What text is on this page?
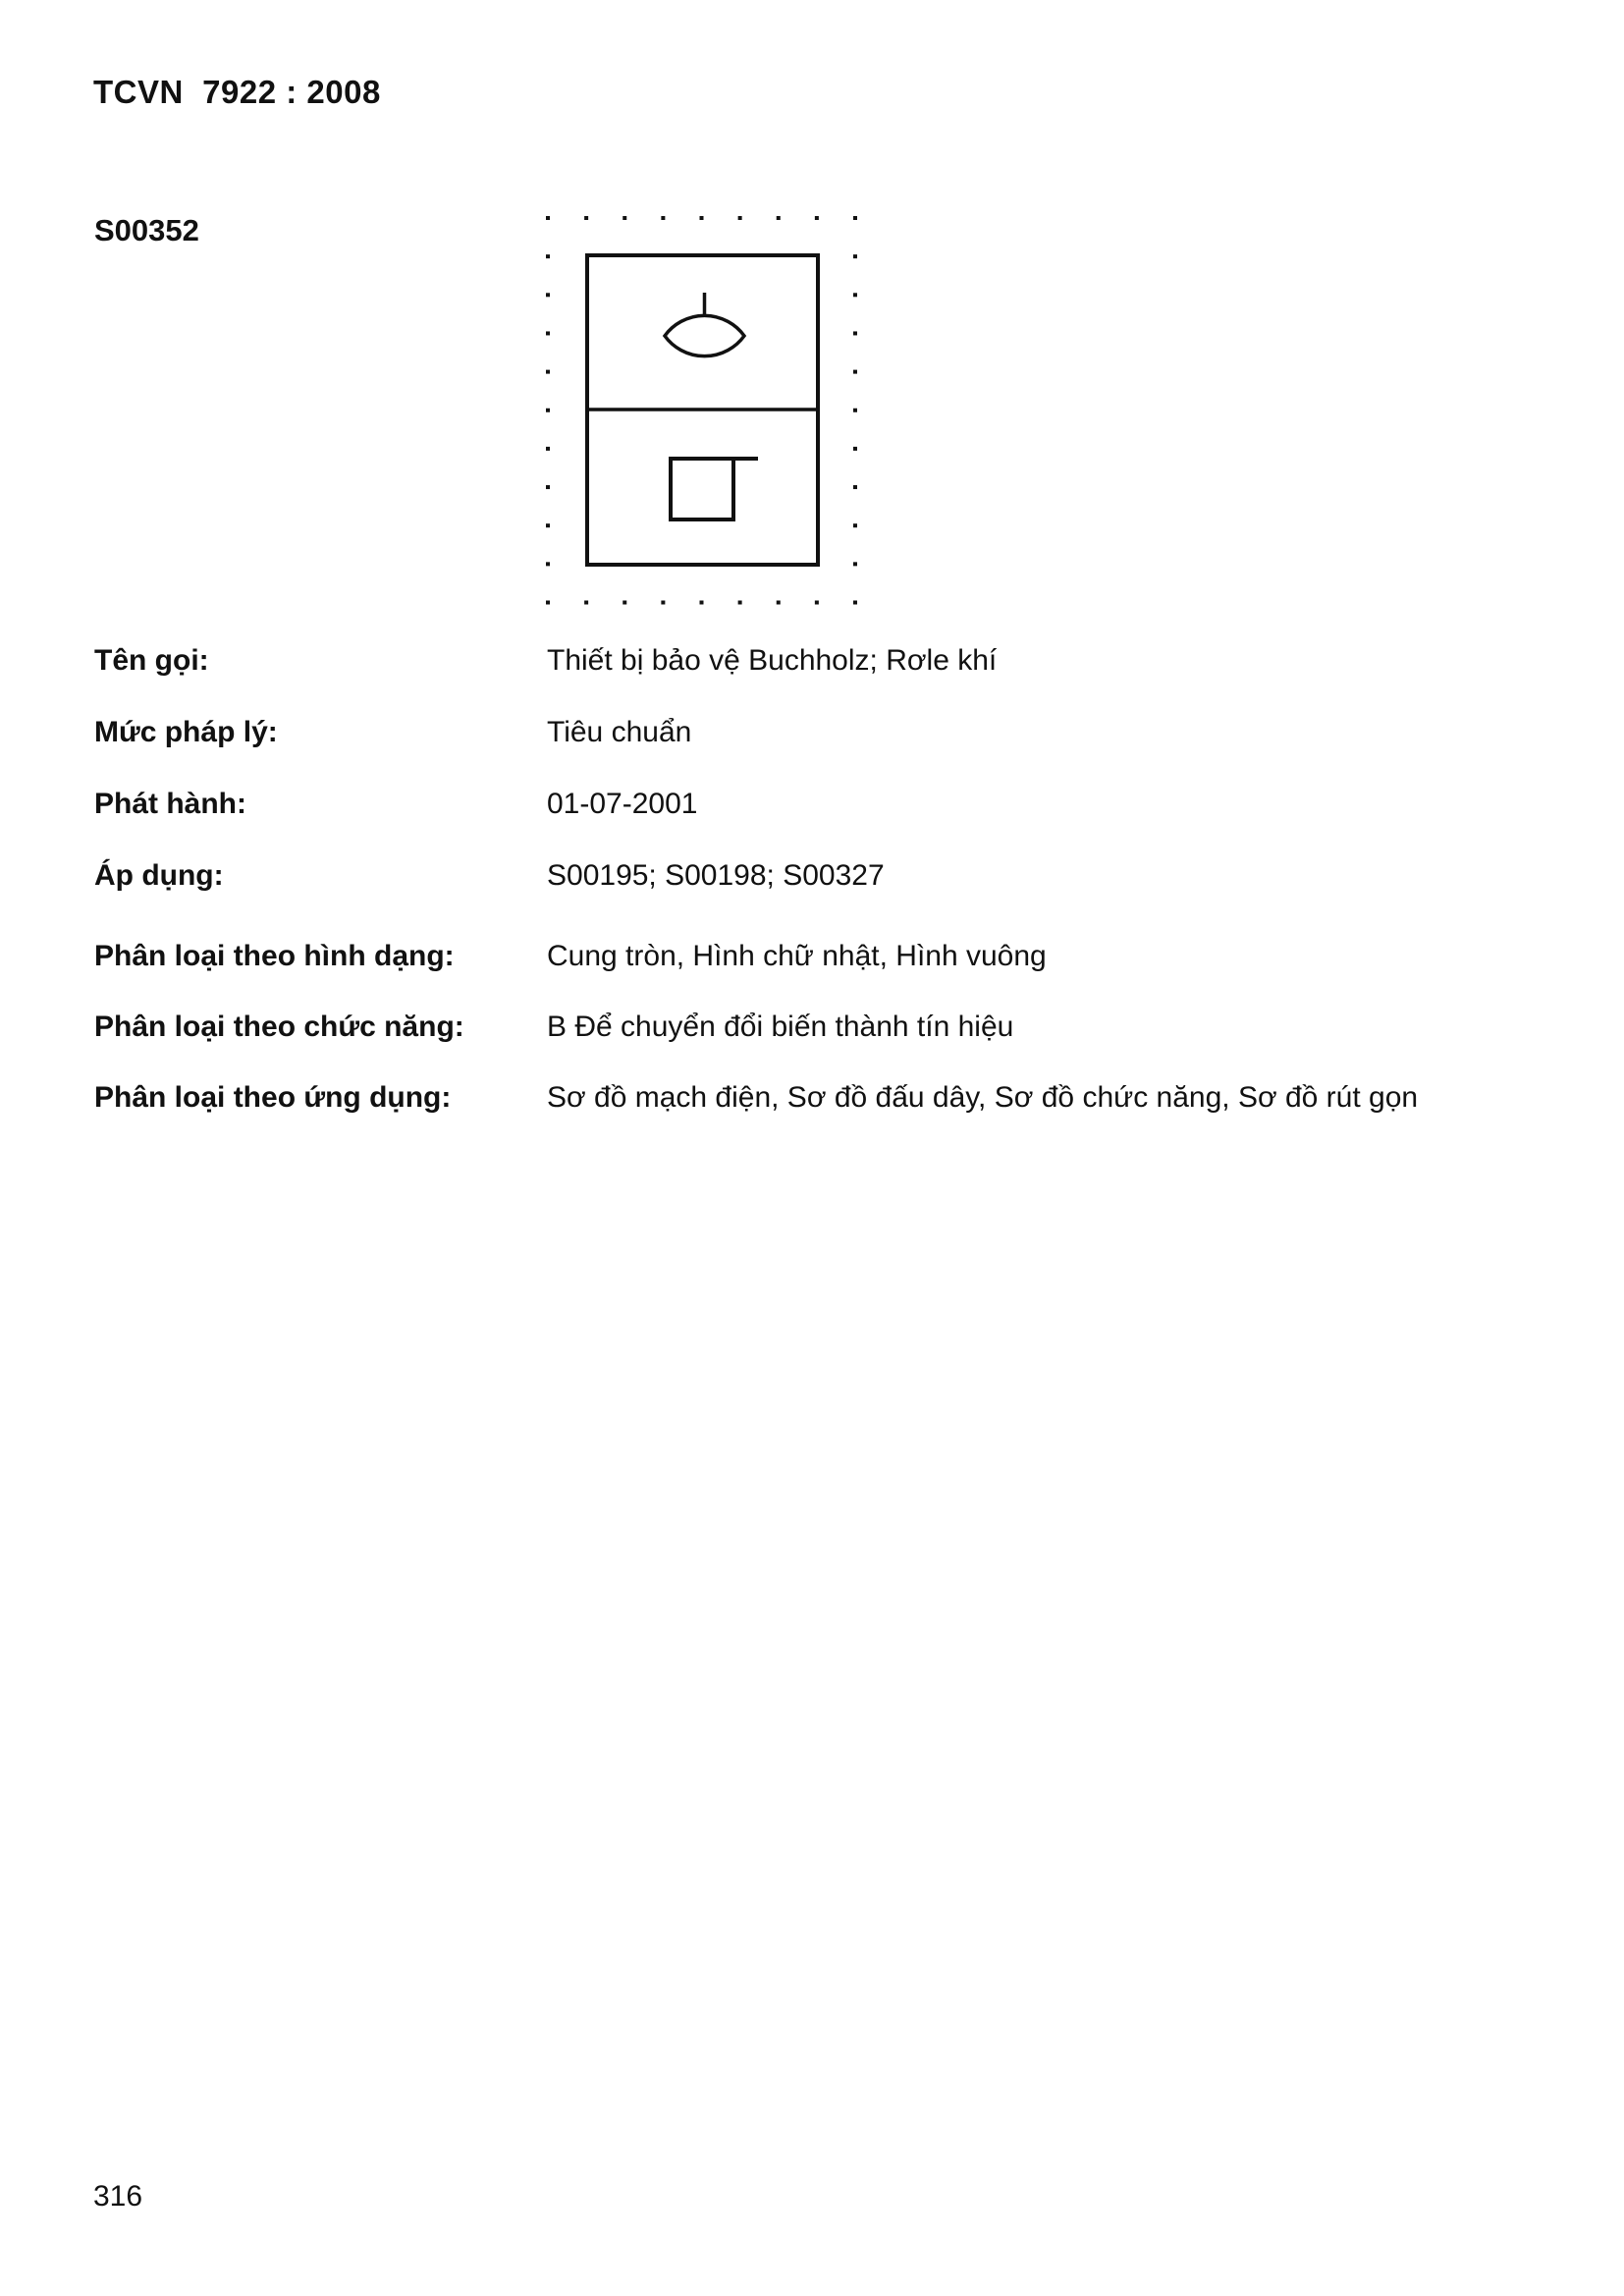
TCVN  7922 : 2008
S00352
Tên gọi:	Thiết bị bảo vệ Buchholz; Rơle khí
Mức pháp lý:	Tiêu chuẩn
Phát hành:	01-07-2001
Áp dụng:	S00195; S00198; S00327
Phân loại theo hình dạng:	Cung tròn, Hình chữ nhật, Hình vuông
Phân loại theo chức năng:	B Để chuyển đổi biến thành tín hiệu
Phân loại theo ứng dụng:	Sơ đồ mạch điện, Sơ đồ đấu dây, Sơ đồ chức năng, Sơ đồ rút gọn
316
